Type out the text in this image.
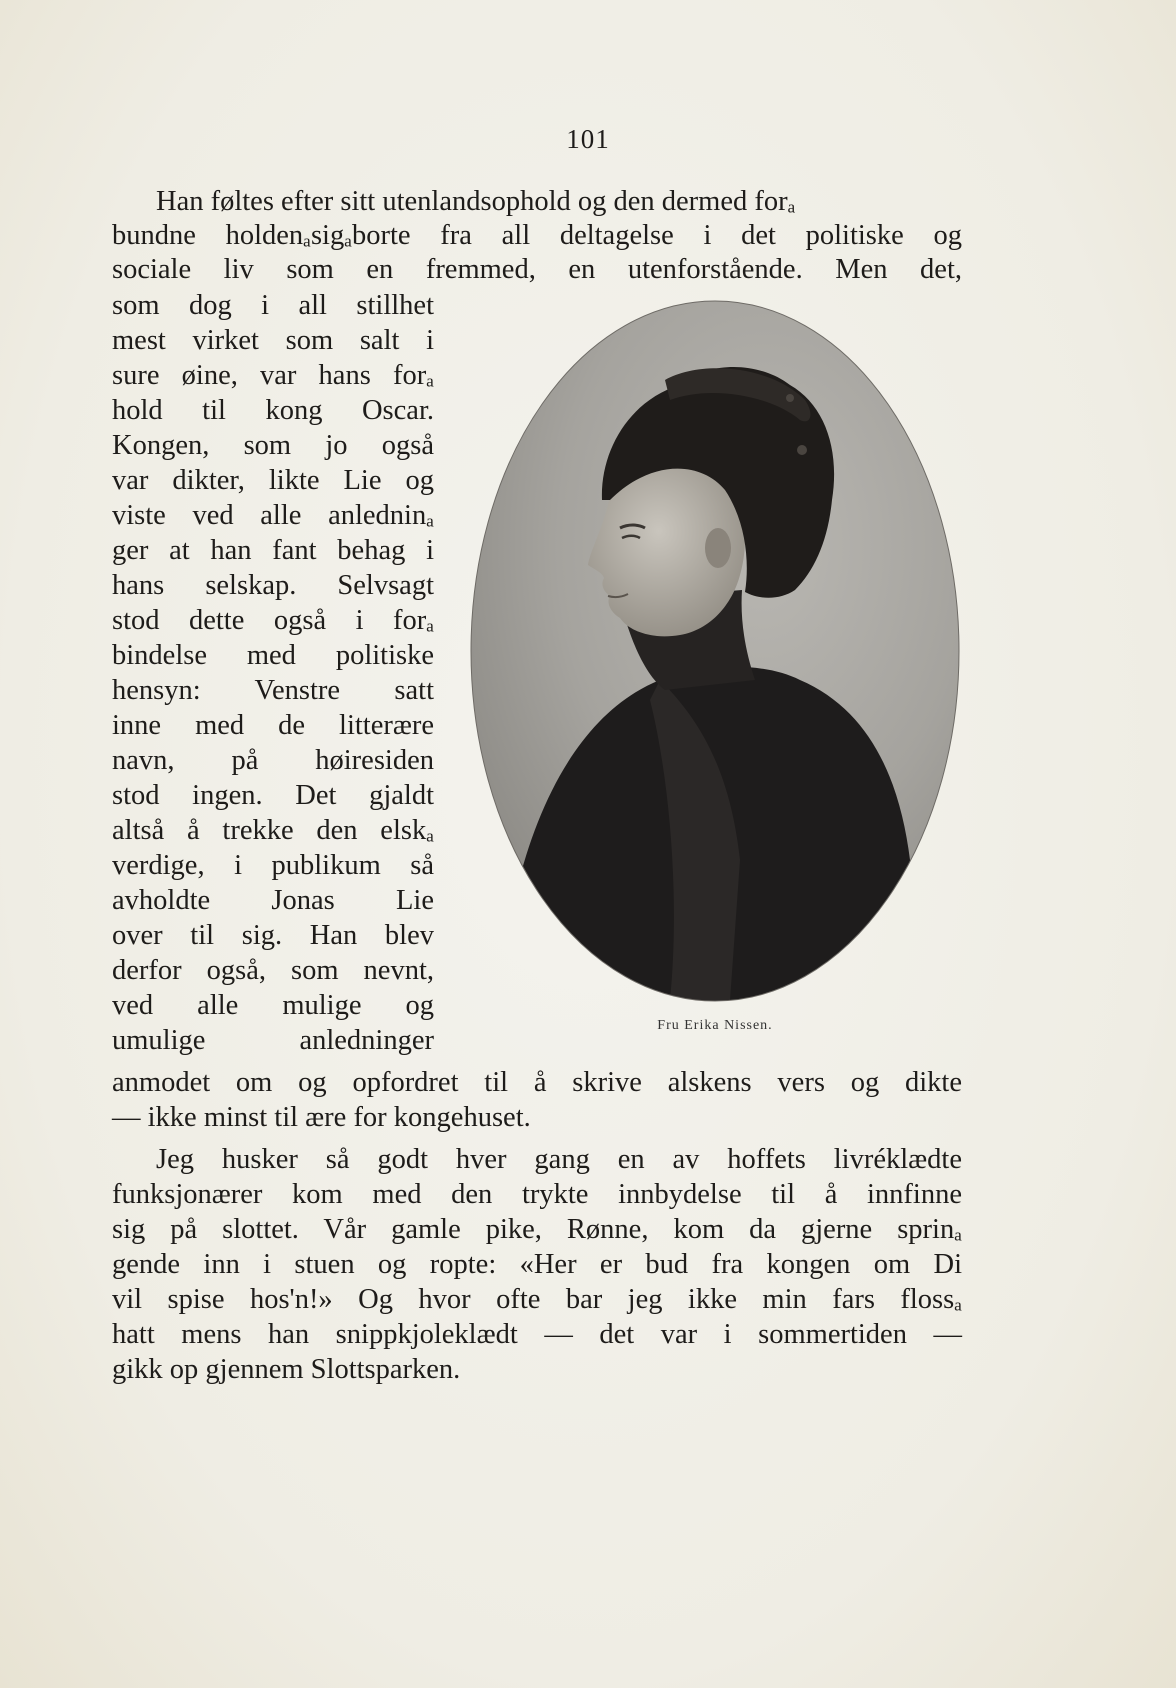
101
Han føltes efter sitt utenlandsophold og den dermed forₐ
bundne holdenₐsigₐborte fra all deltagelse i det politiske og
sociale liv som en fremmed, en utenforstående. Men det,
som dog i all stillhet
mest virket som salt i
sure øine, var hans forₐ
hold til kong Oscar.
Kongen, som jo også
var dikter, likte Lie og
viste ved alle anledninₐ
ger at han fant behag i
hans selskap. Selvsagt
stod dette også i forₐ
bindelse med politiske
hensyn: Venstre satt
inne med de litterære
navn, på høiresiden
stod ingen. Det gjaldt
altså å trekke den elskₐ
verdige, i publikum så
avholdte Jonas Lie
over til sig. Han blev
derfor også, som nevnt,
ved alle mulige og
umulige anledninger	Fru Erika Nissen.
anmodet om og opfordret til å skrive alskens vers og dikte
— ikke minst til ære for kongehuset.
Jeg husker så godt hver gang en av hoffets livréklædte
funksjonærer kom med den trykte innbydelse til å innfinne
sig på slottet. Vår gamle pike, Rønne, kom da gjerne sprinₐ
gende inn i stuen og ropte: «Her er bud fra kongen om Di
vil spise hos'n!» Og hvor ofte bar jeg ikke min fars flossₐ
hatt mens han snippkjoleklædt — det var i sommertiden —
gikk op gjennem Slottsparken.
